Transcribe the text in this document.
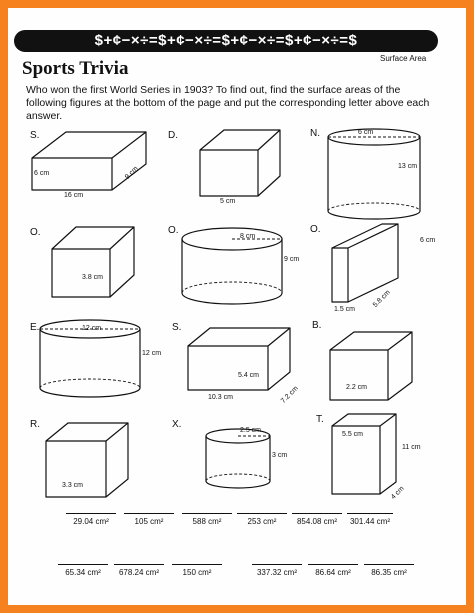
$+¢−×÷=$+¢−×÷=$+¢−×÷=$+¢−×÷=$
Surface Area
Sports Trivia

Who won the first World Series in 1903? To find out, find the surface areas of the following figures at the bottom of the page and put the corresponding letter above each answer.

S.
6 cm	9 cm
16 cm
D.
5 cm
N.	6 cm
13 cm
O.
3.8 cm
O.
8 cm
9 cm
O.
6 cm
5.8 cm
1.5 cm
E.	12 cm
12 cm
S.
5.4 cm
7.2 cm
10.3 cm
B.
2.2 cm
R.
3.3 cm
X.
2.5 cm
3 cm
T.
5.5 cm
11 cm
4 cm
29.04 cm²	105 cm²	588 cm²	253 cm²	854.08 cm²	301.44 cm²
65.34 cm²	678.24 cm²	150 cm²	337.32 cm²	86.64 cm²	86.35 cm²
